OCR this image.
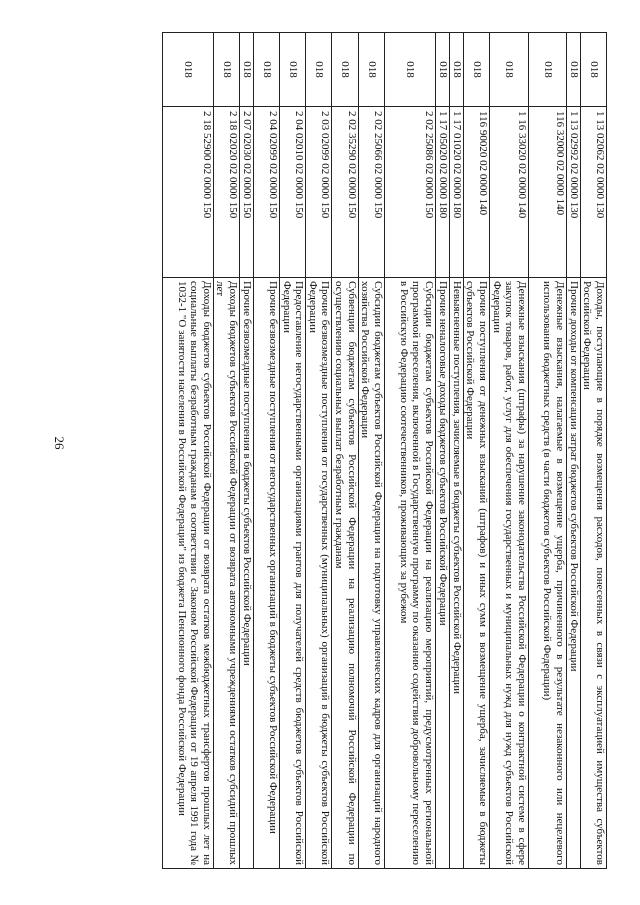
26
018	1 13 02062 02 0000 130	Доходы, поступающие в порядке возмещения расходов, понесенных в связи с эксплуатацией имущества субъектов Российской Федерации
018	1 13 02992 02 0000 130	Прочие доходы от компенсации затрат бюджетов субъектов Российской Федерации
018	116 32000 02 0000 140	Денежные взыскания, налагаемые в возмещение ущерба, причиненного в результате незаконного или нецелевого использования бюджетных средств (в части бюджетов субъектов Российской Федерации)
018	1 16 33020 02 0000 140	Денежные взыскания (штрафы) за нарушение законодательства Российской Федерации о контрактной системе в сфере закупок товаров, работ, услуг для обеспечения государственных и муниципальных нужд для нужд субъектов Российской Федерации
018	116 90020 02 0000 140	Прочие поступления от денежных взысканий (штрафов) и иных сумм в возмещение ущерба, зачисляемые в бюджеты субъектов Российской Федерации
018	1 17 01020 02 0000 180	Невыясненные поступления, зачисляемые в бюджеты субъектов Российской Федерации
018	1 17 05020 02 0000 180	Прочие неналоговые доходы бюджетов субъектов Российской Федерации
018	2 02 25086 02 0000 150	Субсидии бюджетам субъектов Российской Федерации на реализацию мероприятий, предусмотренных региональной программой переселения, включенной в Государственную программу по оказанию содействия добровольному переселению в Российскую Федерацию соотечественников, проживающих за рубежом
018	2 02 25066 02 0000 150	Субсидии бюджетам субъектов Российской Федерации на подготовку управленческих кадров для организаций народного хозяйства Российской Федерации
018	2 02 35290 02 0000 150	Субвенции бюджетам субъектов Российской Федерации на реализацию полномочий Российской Федерации по осуществлению социальных выплат безработным гражданам
018	2 03 02099 02 0000 150	Прочие безвозмездные поступления от государственных (муниципальных) организаций в бюджеты субъектов Российской Федерации
018	2 04 02010 02 0000 150	Предоставление негосударственными организациями грантов для получателей средств бюджетов субъектов Российской Федерации
018	2 04 02099 02 0000 150	Прочие безвозмездные поступления от негосударственных организаций в бюджеты субъектов Российской Федерации
018	2 07 02030 02 0000 150	Прочие безвозмездные поступления в бюджеты субъектов Российской Федерации
018	2 18 02020 02 0000 150	Доходы бюджетов субъектов Российской Федерации от возврата автономными учреждениями остатков субсидий прошлых лет
018	2 18 52900 02 0000 150	Доходы бюджетов субъектов Российской Федерации от возврата остатков межбюджетных трансфертов прошлых лет на социальные выплаты безработным гражданам в соответствии с Законом Российской Федерации от 19 апреля 1991 года № 1032-1 "О занятости населения в Российской Федерации" из бюджета Пенсионного фонда Российской Федерации
